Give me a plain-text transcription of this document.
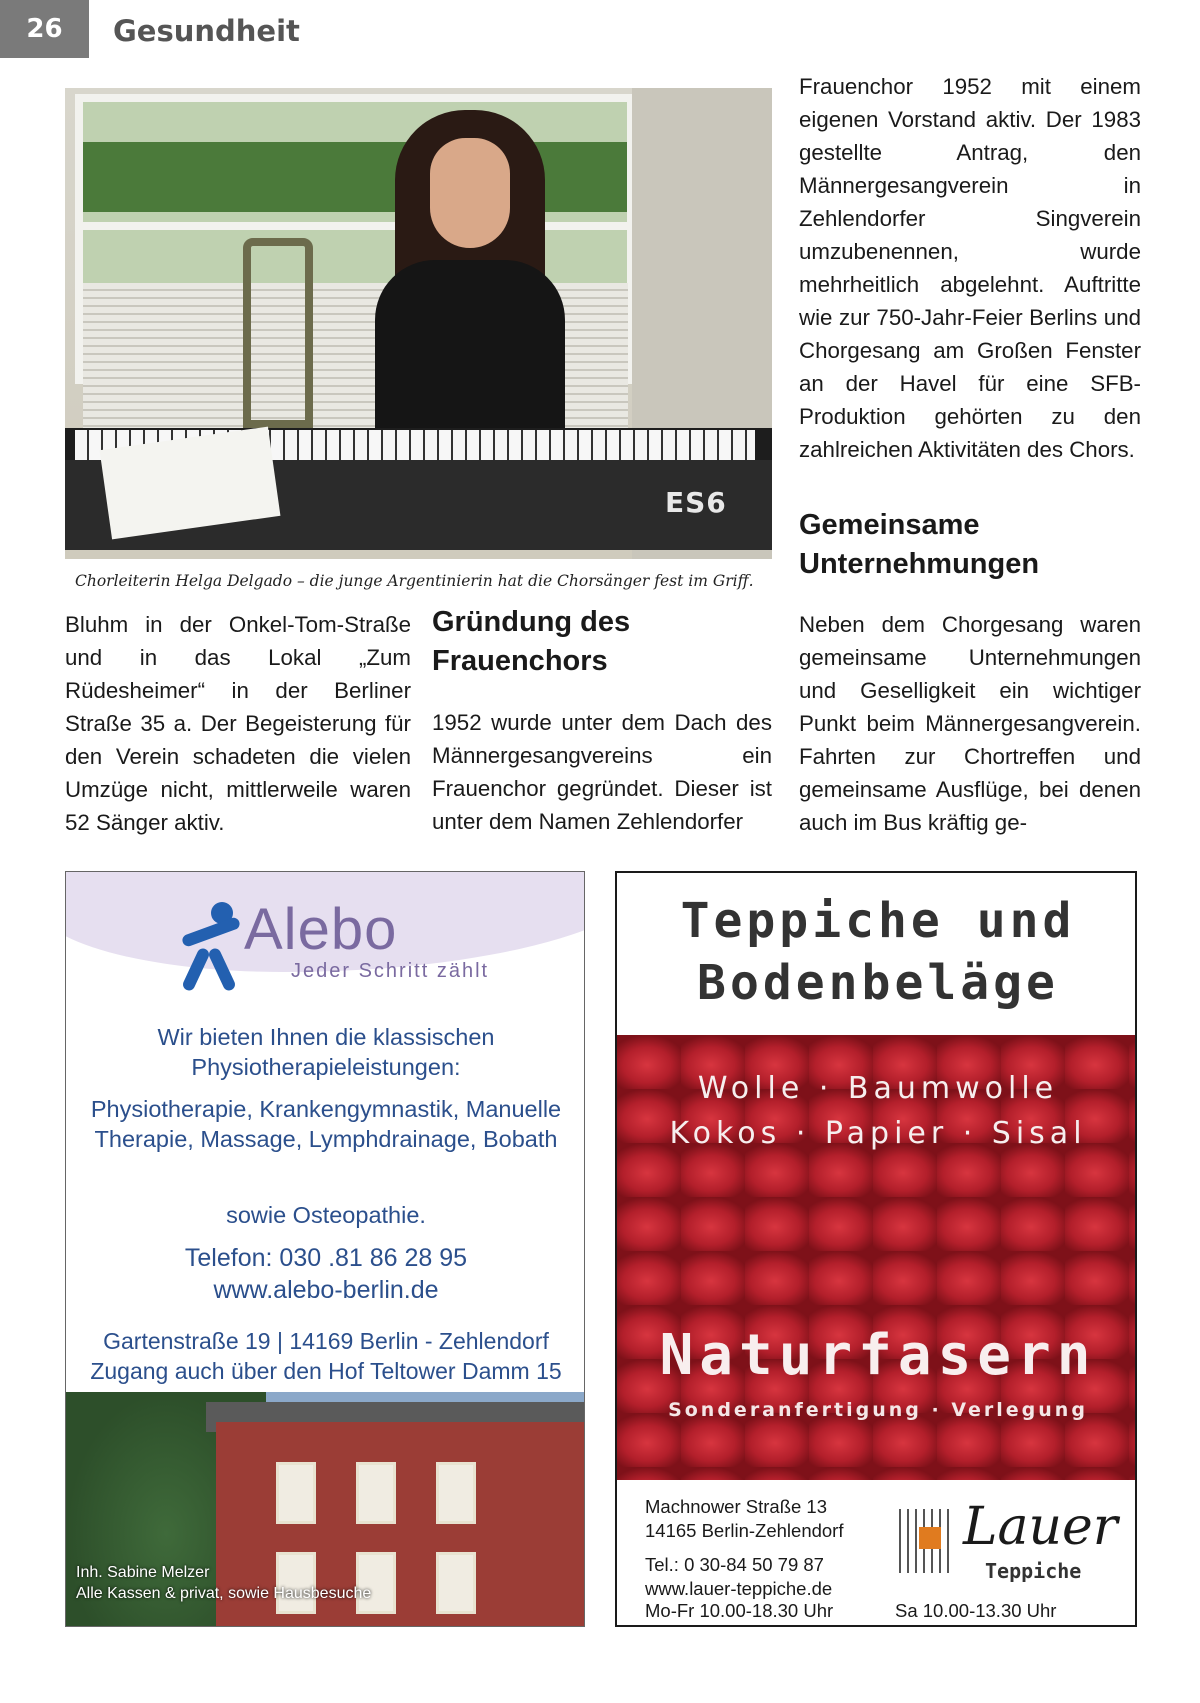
26	Gesundheit
ES6
Chorleiterin Helga Delgado – die junge Argentinierin hat die Chorsänger fest im Griff.

Bluhm in der Onkel-Tom-Straße und in das Lokal „Zum Rüdesheimer“ in der Berliner Straße 35 a. Der Begeisterung für den Verein schadeten die vielen Umzüge nicht, mittlerweile waren 52 Sänger aktiv.

Gründung des Frauenchors

1952 wurde unter dem Dach des Männergesangvereins ein Frauenchor gegründet. Dieser ist unter dem Namen Zehlendorfer

Frauenchor 1952 mit einem eigenen Vorstand aktiv. Der 1983 gestellte Antrag, den Männergesangverein in Zehlendorfer Singverein umzubenennen, wurde mehrheitlich abgelehnt. Auftritte wie zur 750-Jahr-Feier Berlins und Chorgesang am Großen Fenster an der Havel für eine SFB-Produktion gehörten zu den zahlreichen Aktivitäten des Chors.

Gemeinsame Unternehmungen

Neben dem Chorgesang waren gemeinsame Unternehmungen und Geselligkeit ein wichtiger Punkt beim Männergesangverein. Fahrten zur Chortreffen und gemeinsame Ausflüge, bei denen auch im Bus kräftig ge-

Alebo
Jeder Schritt zählt
Wir bieten Ihnen die klassischen Physiotherapieleistungen:
Physiotherapie, Krankengymnastik, Manuelle Therapie, Massage, Lymphdrainage, Bobath
sowie Osteopathie.
Telefon: 030 .81 86 28 95
www.alebo-berlin.de
Gartenstraße 19 | 14169 Berlin - Zehlendorf
Zugang auch über den Hof Teltower Damm 15
Inh. Sabine Melzer
Alle Kassen & privat, sowie Hausbesuche
Teppiche und
Bodenbeläge
Wolle · Baumwolle
Kokos · Papier · Sisal
Naturfasern
Sonderanfertigung · Verlegung
Machnower Straße 13
14165 Berlin-Zehlendorf
Tel.: 0 30-84 50 79 87
www.lauer-teppiche.de
Mo-Fr 10.00-18.30 Uhr	Sa 10.00-13.30 Uhr
Lauer
Teppiche
